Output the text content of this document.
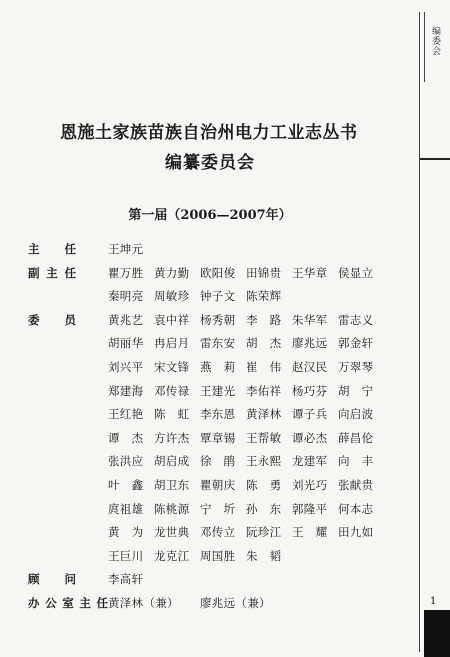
编委会
1
恩施土家族苗族自治州电力工业志丛书
编纂委员会
第一届（2006—2007年）
主 任	王坤元
副主任	瞿万胜 黄力勤 欧阳俊 田锦贵 王华章 侯显立
秦明亮 周敏珍 钟子文 陈荣辉
委 员	黄兆艺 袁中祥 杨秀朝 李　路 朱华军 雷志义
胡丽华 冉启月 雷东安 胡　杰 廖兆远 郭金轩
刘兴平 宋文锋 燕　莉 崔　伟 赵汉民 万翠琴
郑建海 邓传禄 王建光 李佑祥 杨巧芬 胡　宁
王红艳 陈　虹 李东恩 黄泽林 谭子兵 向启波
谭　杰 方许杰 覃章锡 王帮敏 谭必杰 薛昌伦
张洪应 胡启成 徐　鹃 王永熙 龙建军 向　丰
叶　鑫 胡卫东 瞿朝庆 陈　勇 刘光巧 张献贵
庹祖雄 陈桃源 宁　圻 孙　东 郭隆平 何本志
黄　为 龙世典 邓传立 阮珍江 王　耀 田九如
王巨川 龙克江 周国胜 朱　韬
顾 问	李高轩
办公室主任 黄泽林（兼）	廖兆远（兼）
